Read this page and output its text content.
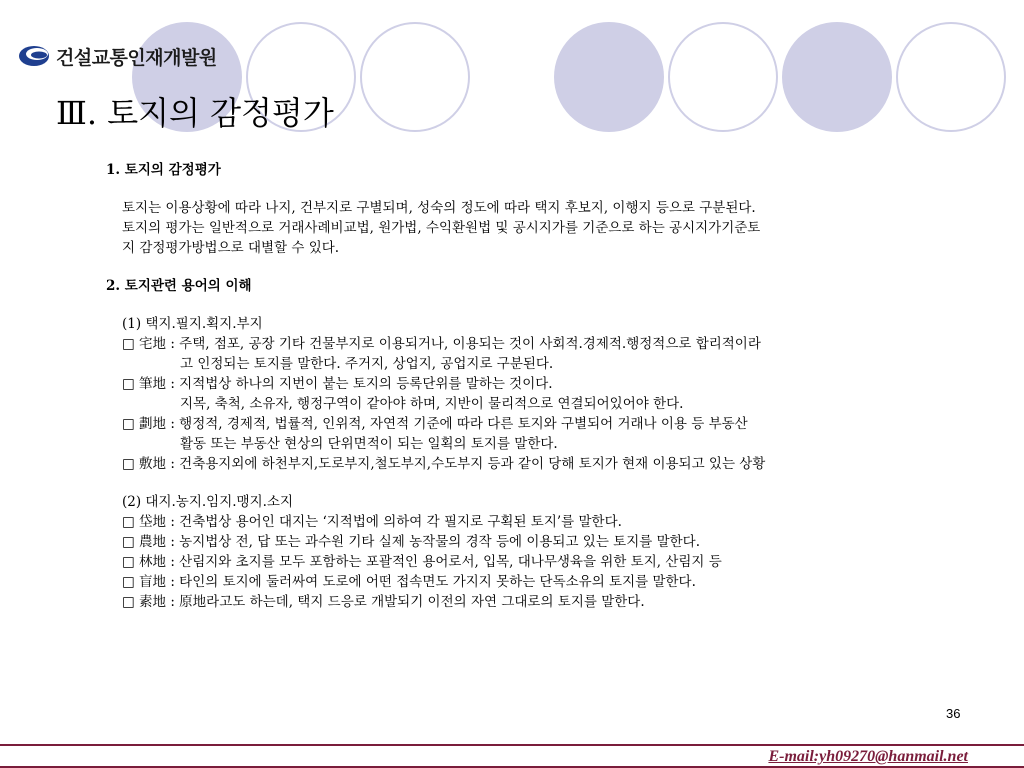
건설교통인재개발원
Ⅲ. 토지의 감정평가
1. 토지의 감정평가
토지는 이용상황에 따라 나지, 건부지로 구별되며, 성숙의 정도에 따라 택지 후보지, 이행지 등으로 구분된다.
토지의 평가는 일반적으로 거래사례비교법, 원가법, 수익환원법 및 공시지가를 기준으로 하는 공시지가기준토
지 감정평가방법으로 대별할 수 있다.
2. 토지관련 용어의 이해
(1) 택지.필지.획지.부지
□ 宅地 : 주택, 점포, 공장 기타 건물부지로 이용되거나, 이용되는 것이 사회적.경제적.행정적으로 합리적이라
고 인정되는 토지를 말한다. 주거지, 상업지, 공업지로 구분된다.
□ 筆地 : 지적법상 하나의 지번이 붙는 토지의 등록단위를 말하는 것이다.
지목, 축척, 소유자, 행정구역이 같아야 하며, 지반이 물리적으로 연결되어있어야 한다.
□ 劃地 : 행정적, 경제적, 법률적, 인위적, 자연적 기준에 따라 다른 토지와 구별되어 거래나 이용 등 부동산
활동 또는 부동산 현상의 단위면적이 되는 일획의 토지를 말한다.
□ 敷地 : 건축용지외에 하천부지,도로부지,철도부지,수도부지 등과 같이 당해 토지가 현재 이용되고 있는 상황
(2) 대지.농지.임지.맹지.소지
□ 垈地 : 건축법상 용어인 대지는 ‘지적법에 의하여 각 필지로 구획된 토지’를 말한다.
□ 農地 : 농지법상 전, 답 또는 과수원 기타 실제 농작물의 경작 등에 이용되고 있는 토지를 말한다.
□ 林地 : 산림지와 초지를 모두 포함하는 포괄적인 용어로서, 입목, 대나무생육을 위한 토지, 산림지 등
□ 盲地 : 타인의 토지에 둘러싸여 도로에 어떤 접속면도 가지지 못하는 단독소유의 토지를 말한다.
□ 素地 : 原地라고도 하는데, 택지 드응로 개발되기 이전의 자연 그대로의 토지를 말한다.
36
E-mail:yh09270@hanmail.net
